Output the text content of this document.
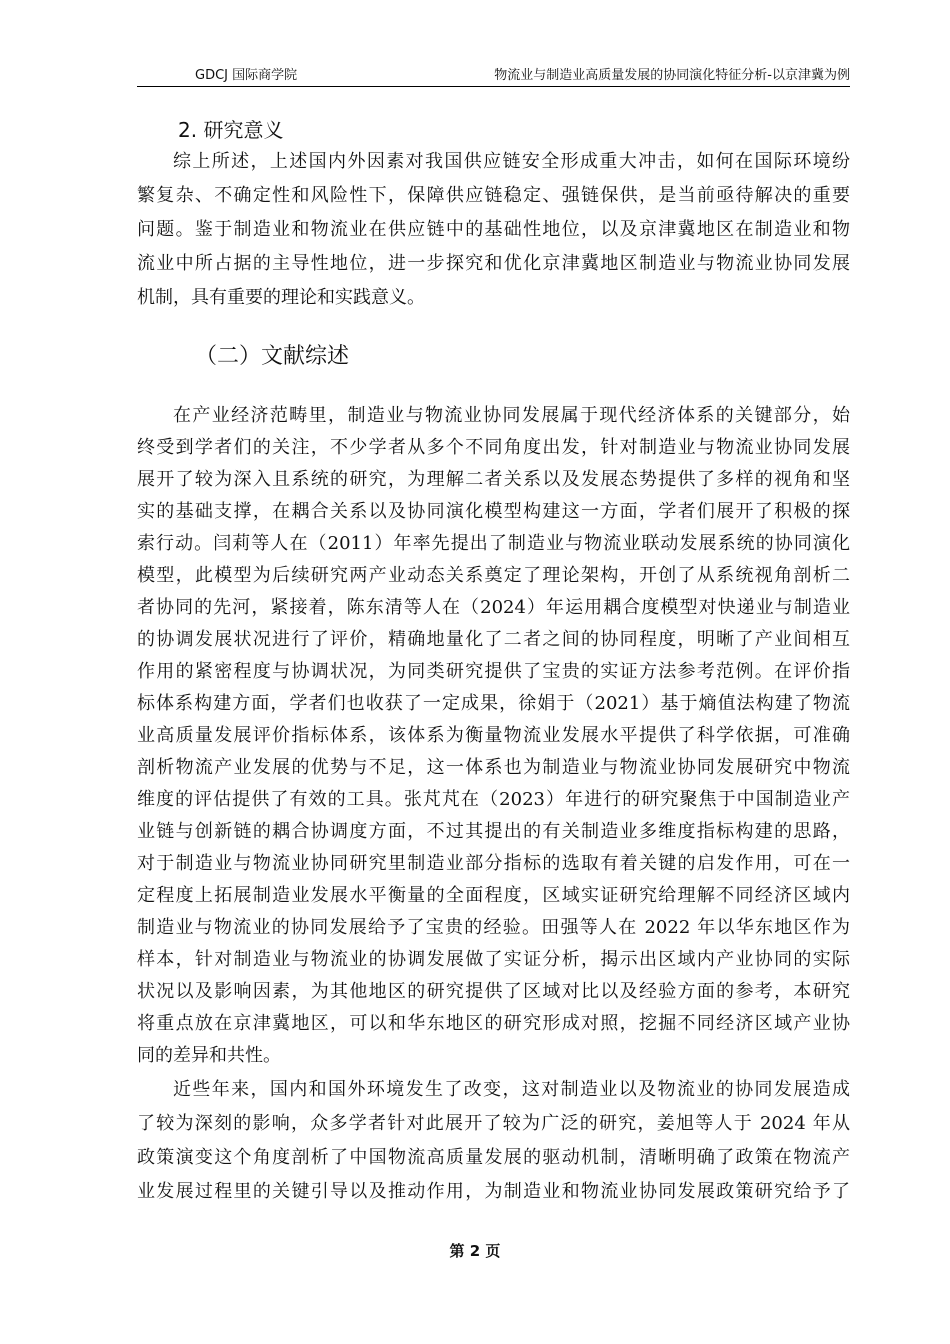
GDCJ 国际商学院	物流业与制造业高质量发展的协同演化特征分析-以京津冀为例
2. 研究意义
综上所述，上述国内外因素对我国供应链安全形成重大冲击，如何在国际环境纷
繁复杂、不确定性和风险性下，保障供应链稳定、强链保供，是当前亟待解决的重要
问题。鉴于制造业和物流业在供应链中的基础性地位，以及京津冀地区在制造业和物
流业中所占据的主导性地位，进一步探究和优化京津冀地区制造业与物流业协同发展
机制，具有重要的理论和实践意义。
（二）文献综述
在产业经济范畴里，制造业与物流业协同发展属于现代经济体系的关键部分，始
终受到学者们的关注，不少学者从多个不同角度出发，针对制造业与物流业协同发展
展开了较为深入且系统的研究，为理解二者关系以及发展态势提供了多样的视角和坚
实的基础支撑，在耦合关系以及协同演化模型构建这一方面，学者们展开了积极的探
索行动。闫莉等人在（2011）年率先提出了制造业与物流业联动发展系统的协同演化
模型，此模型为后续研究两产业动态关系奠定了理论架构，开创了从系统视角剖析二
者协同的先河，紧接着，陈东清等人在（2024）年运用耦合度模型对快递业与制造业
的协调发展状况进行了评价，精确地量化了二者之间的协同程度，明晰了产业间相互
作用的紧密程度与协调状况，为同类研究提供了宝贵的实证方法参考范例。在评价指
标体系构建方面，学者们也收获了一定成果，徐娟于（2021）基于熵值法构建了物流
业高质量发展评价指标体系，该体系为衡量物流业发展水平提供了科学依据，可准确
剖析物流产业发展的优势与不足，这一体系也为制造业与物流业协同发展研究中物流
维度的评估提供了有效的工具。张芃芃在（2023）年进行的研究聚焦于中国制造业产
业链与创新链的耦合协调度方面，不过其提出的有关制造业多维度指标构建的思路，
对于制造业与物流业协同研究里制造业部分指标的选取有着关键的启发作用，可在一
定程度上拓展制造业发展水平衡量的全面程度，区域实证研究给理解不同经济区域内
制造业与物流业的协同发展给予了宝贵的经验。田强等人在 2022 年以华东地区作为
样本，针对制造业与物流业的协调发展做了实证分析，揭示出区域内产业协同的实际
状况以及影响因素，为其他地区的研究提供了区域对比以及经验方面的参考，本研究
将重点放在京津冀地区，可以和华东地区的研究形成对照，挖掘不同经济区域产业协
同的差异和共性。
近些年来，国内和国外环境发生了改变，这对制造业以及物流业的协同发展造成
了较为深刻的影响，众多学者针对此展开了较为广泛的研究，姜旭等人于 2024 年从
政策演变这个角度剖析了中国物流高质量发展的驱动机制，清晰明确了政策在物流产
业发展过程里的关键引导以及推动作用，为制造业和物流业协同发展政策研究给予了
第 2 页
